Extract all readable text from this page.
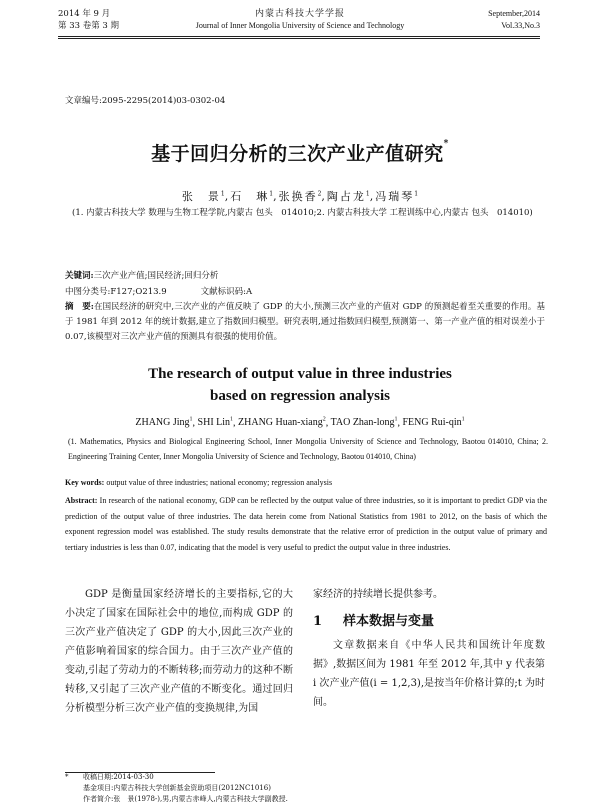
2014 年 9 月
第 33 卷第 3 期
内蒙古科技大学学报
Journal of Inner Mongolia University of Science and Technology
September,2014
Vol.33,No.3
文章编号:2095-2295(2014)03-0302-04
基于回归分析的三次产业产值研究*
张　景$^1$,石　琳$^1$,张换香$^2$,陶占龙$^1$,冯瑞琴$^1$
(1. 内蒙古科技大学 数理与生物工程学院,内蒙古 包头　014010;2. 内蒙古科技大学 工程训练中心,内蒙古 包头　014010)
关键词:三次产业产值;国民经济;回归分析
中图分类号:F127;O213.9	文献标识码:A
摘　要:在国民经济的研究中,三次产业的产值反映了 GDP 的大小,预测三次产业的产值对 GDP 的预测起着至关重要的作用。基于 1981 年到 2012 年的统计数据,建立了指数回归模型。研究表明,通过指数回归模型,预测第一、第一产业产值的相对误差小于 0.07,该模型对三次产业产值的预测具有很强的使用价值。
The research of output value in three industries
based on regression analysis
ZHANG Jing$^1$, SHI Lin$^1$, ZHANG Huan-xiang$^2$, TAO Zhan-long$^1$, FENG Rui-qin$^1$
(1. Mathematics, Physics and Biological Engineering School, Inner Mongolia University of Science and Technology, Baotou 014010, China; 2. Engineering Training Center, Inner Mongolia University of Science and Technology, Baotou 014010, China)
Key words: output value of three industries; national economy; regression analysis
Abstract: In research of the national economy, GDP can be reflected by the output value of three industries, so it is important to predict GDP via the prediction of the output value of three industries. The data herein come from National Statistics from 1981 to 2012, on the basis of which the exponent regression model was established. The study results demonstrate that the relative error of prediction in the output value of primary and tertiary industries is less than 0.07, indicating that the model is very useful to predict the output value in three industries.
GDP 是衡量国家经济增长的主要指标,它的大小决定了国家在国际社会中的地位,而构成 GDP 的三次产业产值决定了 GDP 的大小,因此三次产业的产值影响着国家的综合国力。由于三次产业产值的变动,引起了劳动力的不断转移;而劳动力的这种不断转移,又引起了三次产业产值的不断变化。通过回归分析模型分析三次产业产值的变换规律,为国
家经济的持续增长提供参考。
1 样本数据与变量
文章数据来自《中华人民共和国统计年度数据》,数据区间为 1981 年至 2012 年,其中 y 代表第 i 次产业产值(i = 1,2,3),是按当年价格计算的;t 为时间。
* 收稿日期:2014-03-30
基金项目:内蒙古科技大学创新基金资助项目(2012NC1016)
作者简介:张　景(1978-),男,内蒙古赤峰人,内蒙古科技大学副教授.
